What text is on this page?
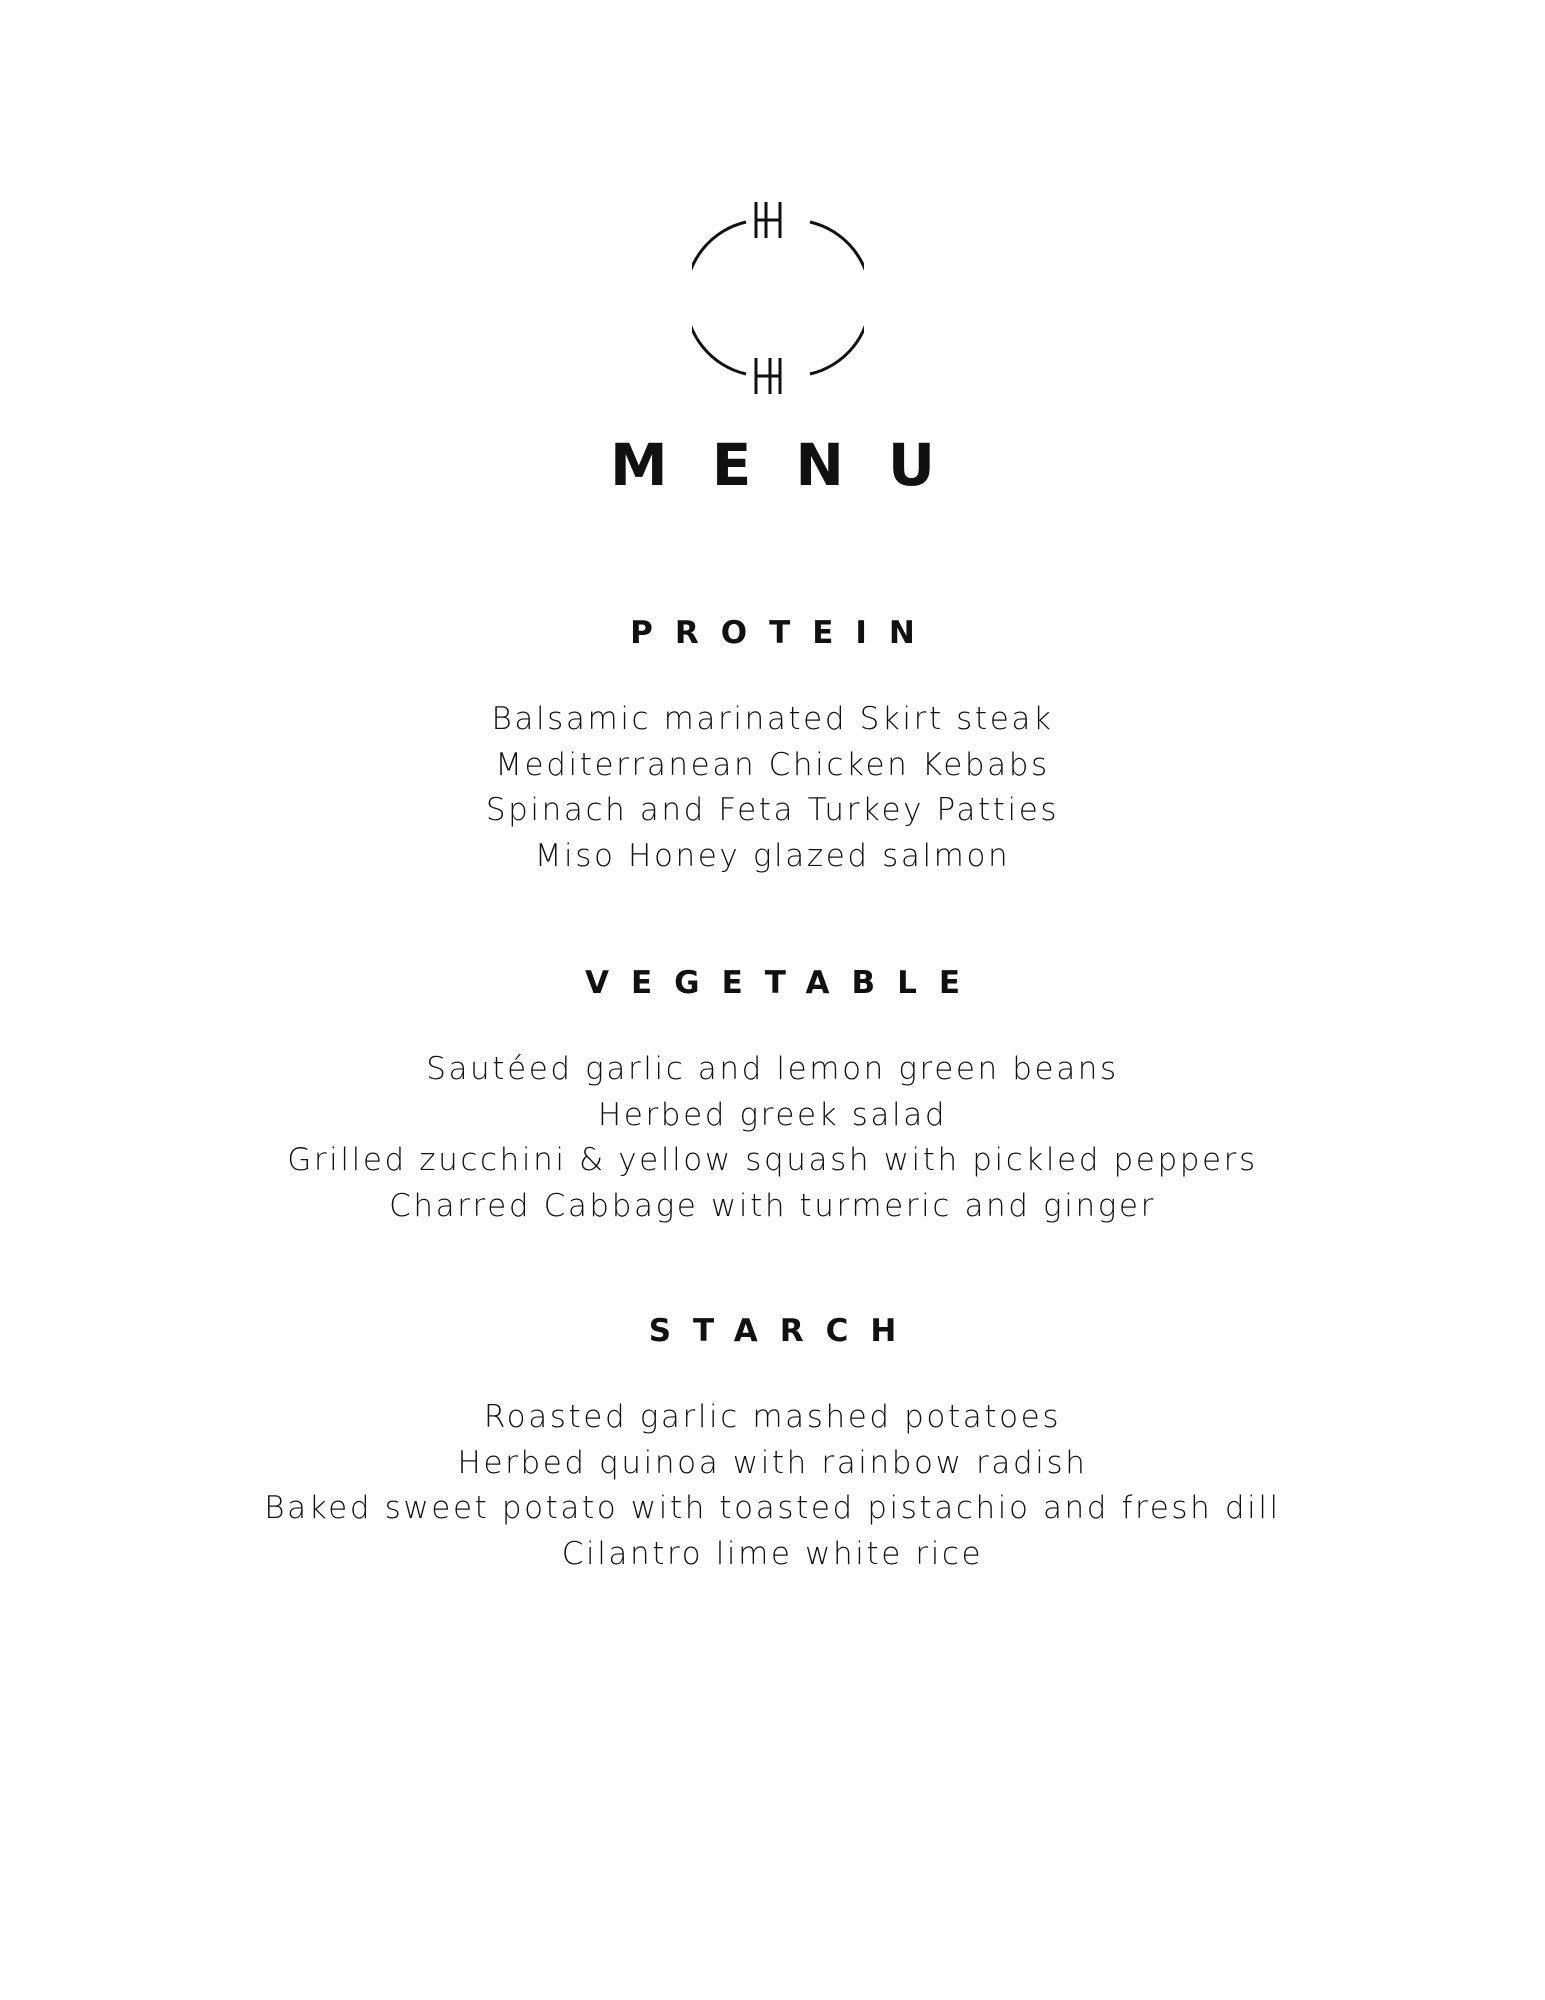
MENU
PROTEIN
Balsamic marinated Skirt steak
Mediterranean Chicken Kebabs
Spinach and Feta Turkey Patties
Miso Honey glazed salmon
VEGETABLE
Sautéed garlic and lemon green beans
Herbed greek salad
Grilled zucchini & yellow squash with pickled peppers
Charred Cabbage with turmeric and ginger
STARCH
Roasted garlic mashed potatoes
Herbed quinoa with rainbow radish
Baked sweet potato with toasted pistachio and fresh dill
Cilantro lime white rice
